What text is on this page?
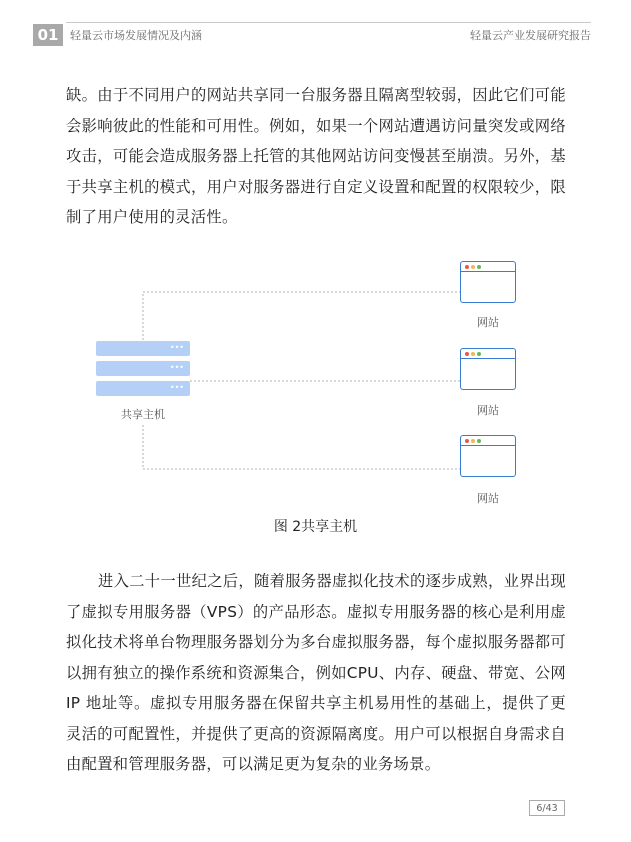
01	轻量云市场发展情况及内涵	轻量云产业发展研究报告
缺。由于不同用户的网站共享同一台服务器且隔离型较弱，因此它们可能会影响彼此的性能和可用性。例如，如果一个网站遭遇访问量突发或网络攻击，可能会造成服务器上托管的其他网站访问变慢甚至崩溃。另外，基于共享主机的模式，用户对服务器进行自定义设置和配置的权限较少，限制了用户使用的灵活性。
•••
•••
•••
共享主机
网站
网站
网站
图 2共享主机
进入二十一世纪之后，随着服务器虚拟化技术的逐步成熟，业界出现了虚拟专用服务器（VPS）的产品形态。虚拟专用服务器的核心是利用虚拟化技术将单台物理服务器划分为多台虚拟服务器，每个虚拟服务器都可以拥有独立的操作系统和资源集合，例如CPU、内存、硬盘、带宽、公网 IP 地址等。虚拟专用服务器在保留共享主机易用性的基础上，提供了更灵活的可配置性，并提供了更高的资源隔离度。用户可以根据自身需求自由配置和管理服务器，可以满足更为复杂的业务场景。
6/43
